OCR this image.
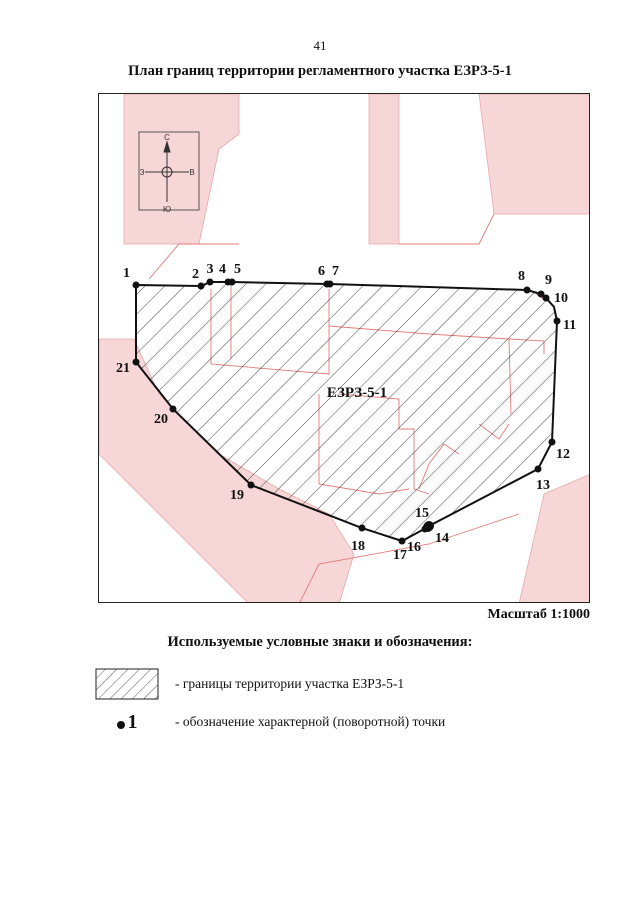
41
План границ территории регламентного участка ЕЗРЗ-5-1
С
Ю
З	В
ЕЗРЗ-5-1
1	2 3 4 5	6 7	8 9
10
11
12
13
14
15
16
17
18
19
20
21
Масштаб 1:1000
Используемые условные знаки и обозначения:
- границы территории участка ЕЗРЗ-5-1
1	- обозначение характерной (поворотной) точки
